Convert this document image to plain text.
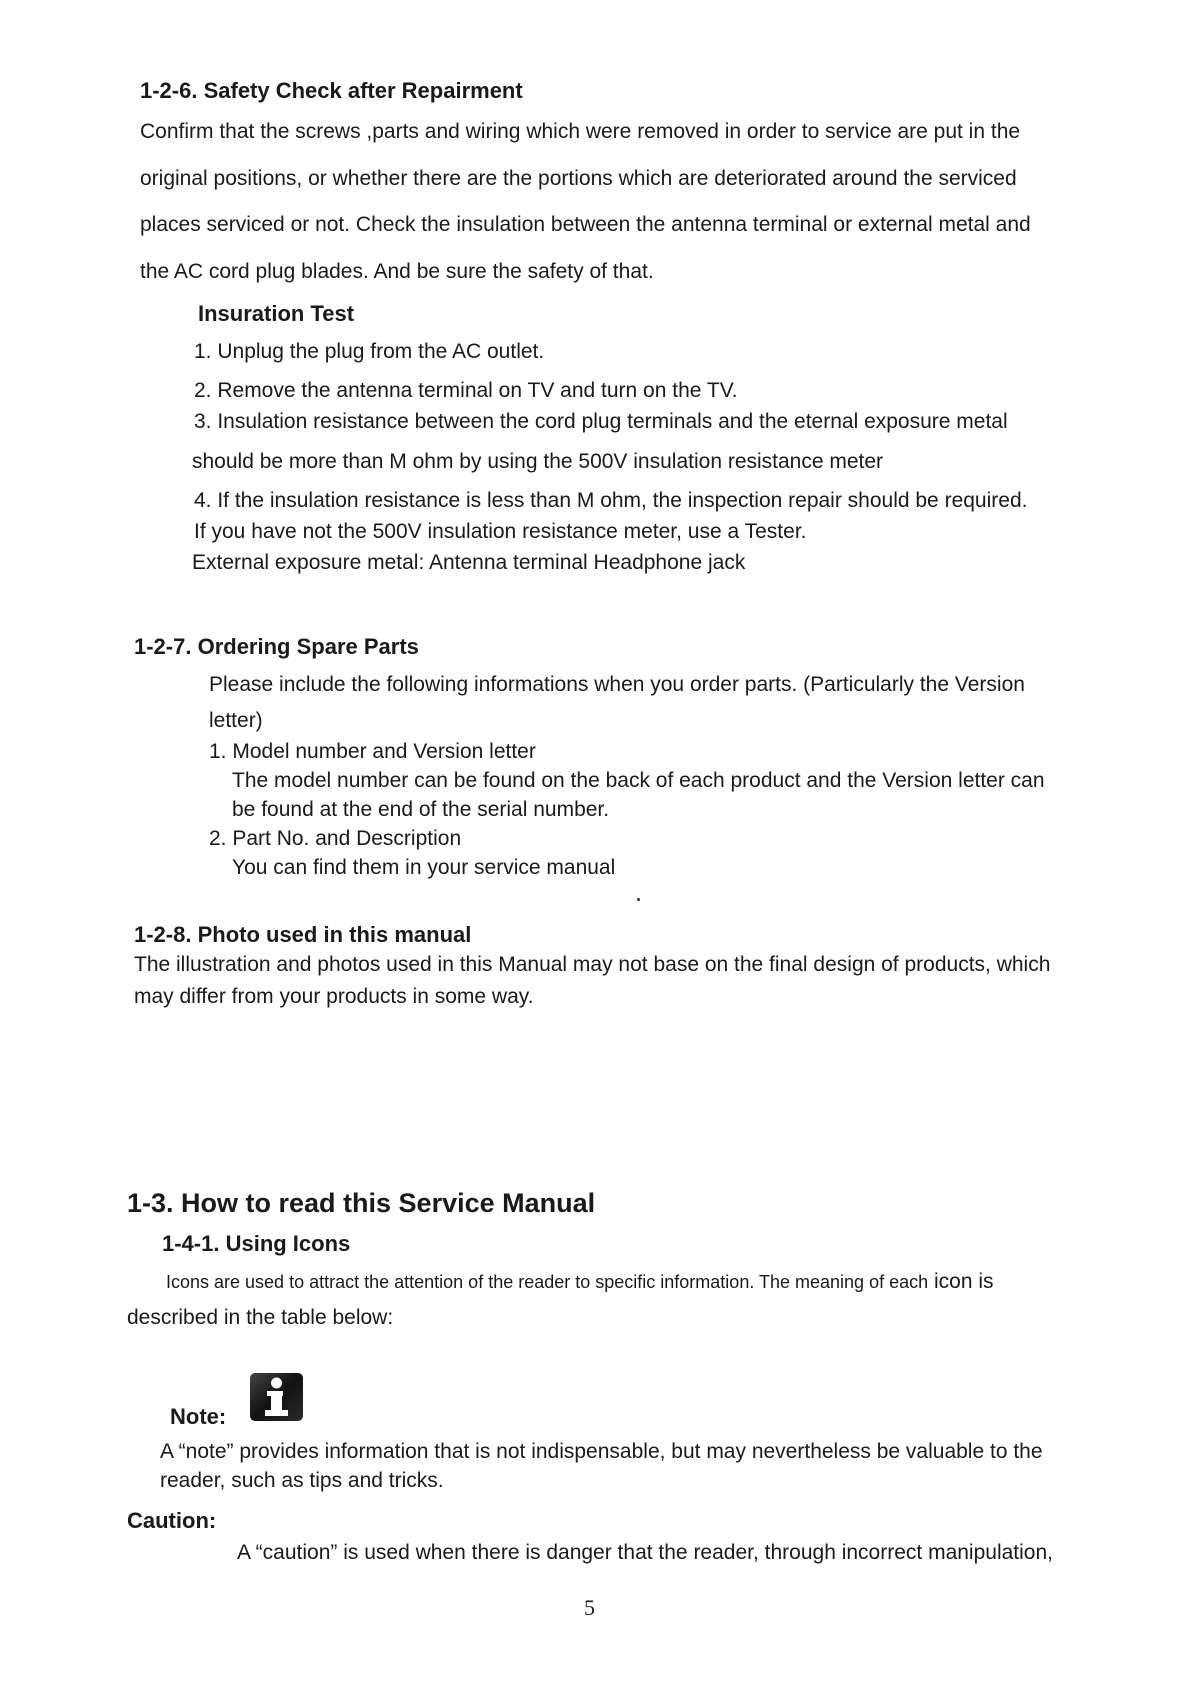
1-2-6. Safety Check after Repairment

Confirm that the screws ,parts and wiring which were removed in order to service are put in the

original positions, or whether there are the portions which are deteriorated around the serviced

places serviced or not. Check the insulation between the antenna terminal or external metal and

the AC cord plug blades. And be sure the safety of that.

Insuration Test

1. Unplug the plug from the AC outlet.

2. Remove the antenna terminal on TV and turn on the TV.

3. Insulation resistance between the cord plug terminals and the eternal exposure metal

should be more than M ohm by using the 500V insulation resistance meter

4. If the insulation resistance is less than M ohm, the inspection repair should be required.

If you have not the 500V insulation resistance meter, use a Tester.

External exposure metal: Antenna terminal Headphone jack

1-2-7. Ordering Spare Parts

Please include the following informations when you order parts. (Particularly the Version

letter)

1. Model number and Version letter

The model number can be found on the back of each product and the Version letter can

be found at the end of the serial number.

2. Part No. and Description

You can find them in your service manual

1-2-8. Photo used in this manual

The illustration and photos used in this Manual may not base on the final design of products, which

may differ from your products in some way.

1-3. How to read this Service Manual

1-4-1. Using Icons

Icons are used to attract the attention of the reader to specific information. The meaning of each icon is

described in the table below:

Note:

A “note” provides information that is not indispensable, but may nevertheless be valuable to the

reader, such as tips and tricks.

Caution:

A “caution” is used when there is danger that the reader, through incorrect manipulation,

5
